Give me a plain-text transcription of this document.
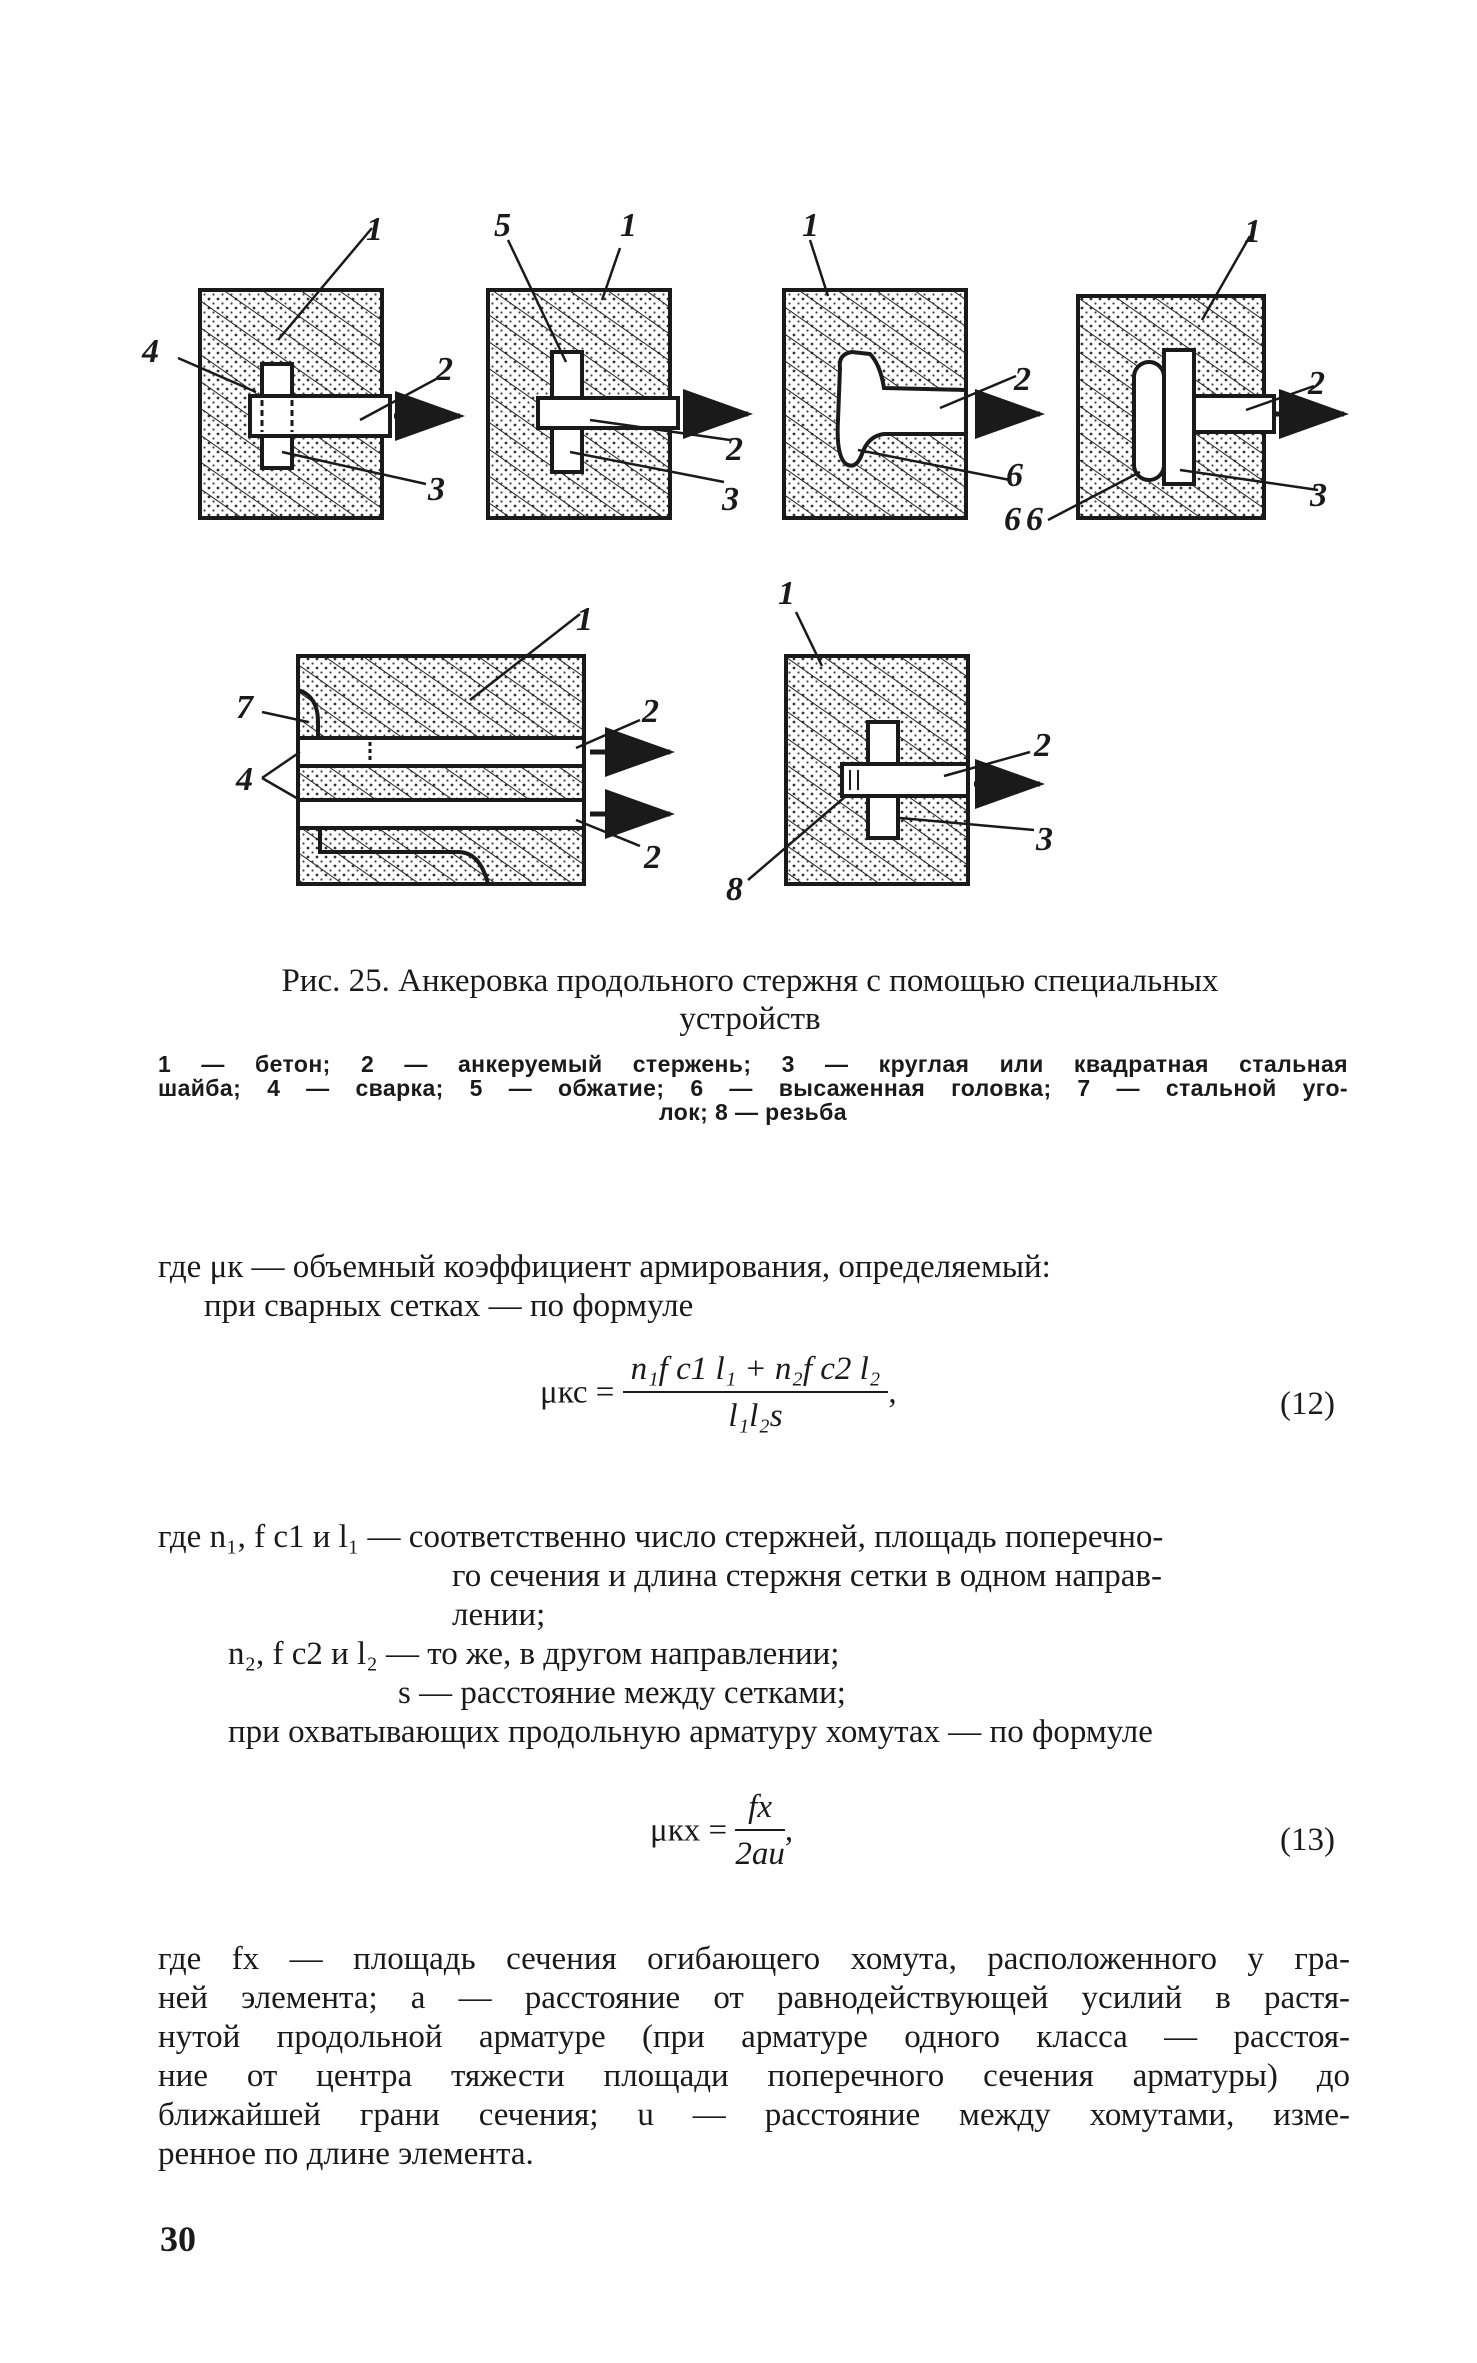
1
4	2
3
5	1
2
3
1
2
6
6
1
2
3
6
1
7
4
2
2
1
2
3
8
Рис. 25. Анкеровка продольного стержня с помощью специальных
устройств
1 — бетон; 2 — анкеруемый стержень; 3 — круглая или квадратная стальная
шайба; 4 — сварка; 5 — обжатие; 6 — высаженная головка; 7 — стальной уго-
лок; 8 — резьба
где μк — объемный коэффициент армирования, определяемый:
при сварных сетках — по формуле
$\mu кс = \frac{\text{n₁f c1 l₁ + n₂f c2 l₂}}{\text{l₁l₂s}}$ ,	(12)
где n₁, f c1 и l₁ — соответственно число стержней, площадь поперечно-
го сечения и длина стержня сетки в одном направ-
лении;
n₂, f c2 и l₂ — то же, в другом направлении;
s — расстояние между сетками;
при охватывающих продольную арматуру хомутах — по формуле
$\mu кх = \frac{fх}{2au}$ ,	(13)
где fх — площадь сечения огибающего хомута, расположенного у гра-
ней элемента; a — расстояние от равнодействующей усилий в растя-
нутой продольной арматуре (при арматуре одного класса — расстоя-
ние от центра тяжести площади поперечного сечения арматуры) до
ближайшей грани сечения; u — расстояние между хомутами, изме-
ренное по длине элемента.
30
